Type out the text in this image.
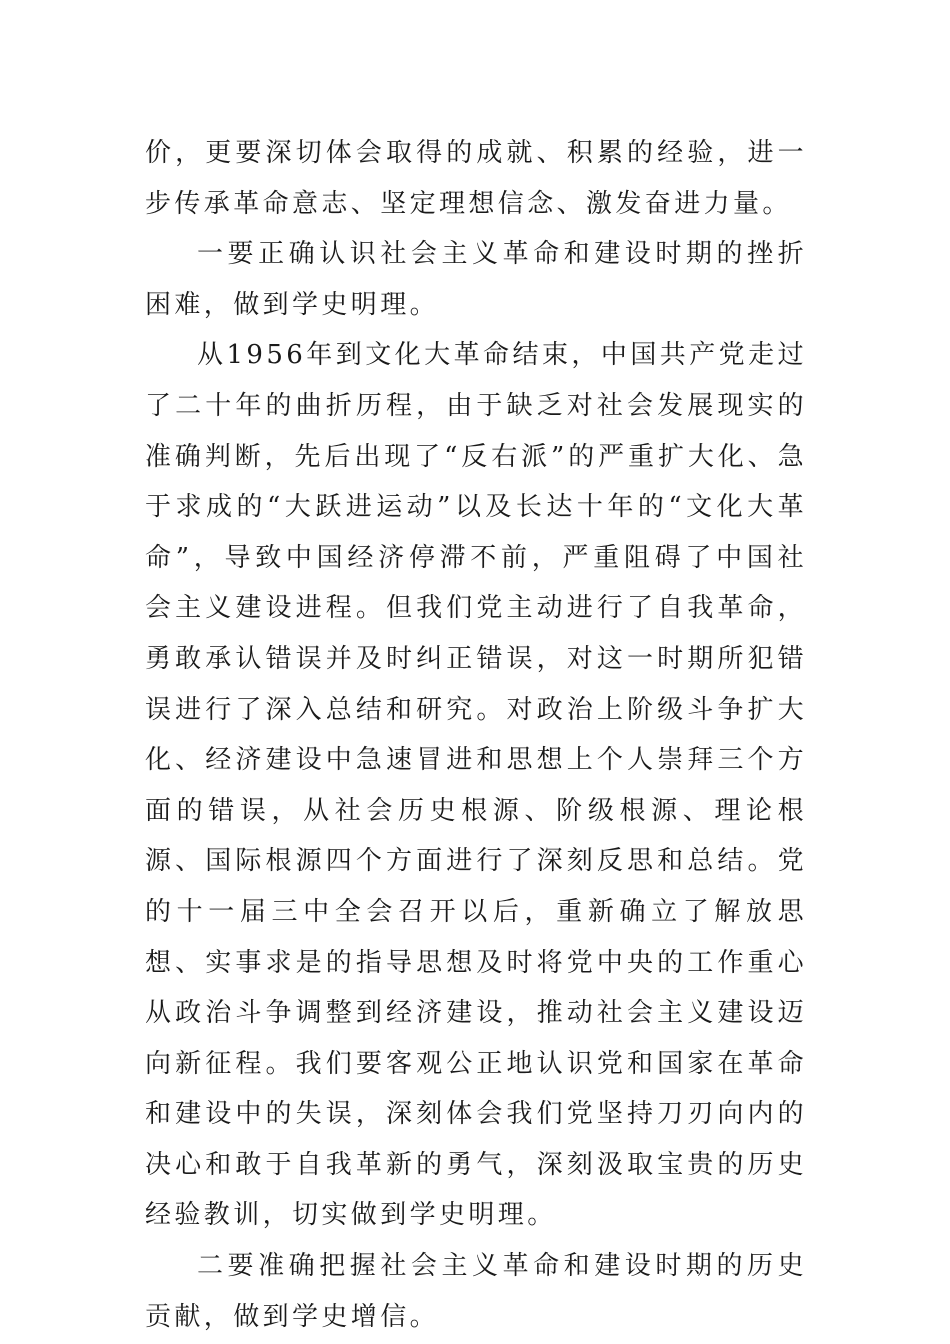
价，更要深切体会取得的成就、积累的经验，进一步传承革命意志、坚定理想信念、激发奋进力量。

一要正确认识社会主义革命和建设时期的挫折困难，做到学史明理。

从1956年到文化大革命结束，中国共产党走过了二十年的曲折历程，由于缺乏对社会发展现实的准确判断，先后出现了“反右派”的严重扩大化、急于求成的“大跃进运动”以及长达十年的“文化大革命”，导致中国经济停滞不前，严重阻碍了中国社会主义建设进程。但我们党主动进行了自我革命，勇敢承认错误并及时纠正错误，对这一时期所犯错误进行了深入总结和研究。对政治上阶级斗争扩大化、经济建设中急速冒进和思想上个人崇拜三个方面的错误，从社会历史根源、阶级根源、理论根源、国际根源四个方面进行了深刻反思和总结。党的十一届三中全会召开以后，重新确立了解放思想、实事求是的指导思想及时将党中央的工作重心从政治斗争调整到经济建设，推动社会主义建设迈向新征程。我们要客观公正地认识党和国家在革命和建设中的失误，深刻体会我们党坚持刀刃向内的决心和敢于自我革新的勇气，深刻汲取宝贵的历史经验教训，切实做到学史明理。

二要准确把握社会主义革命和建设时期的历史贡献，做到学史增信。
